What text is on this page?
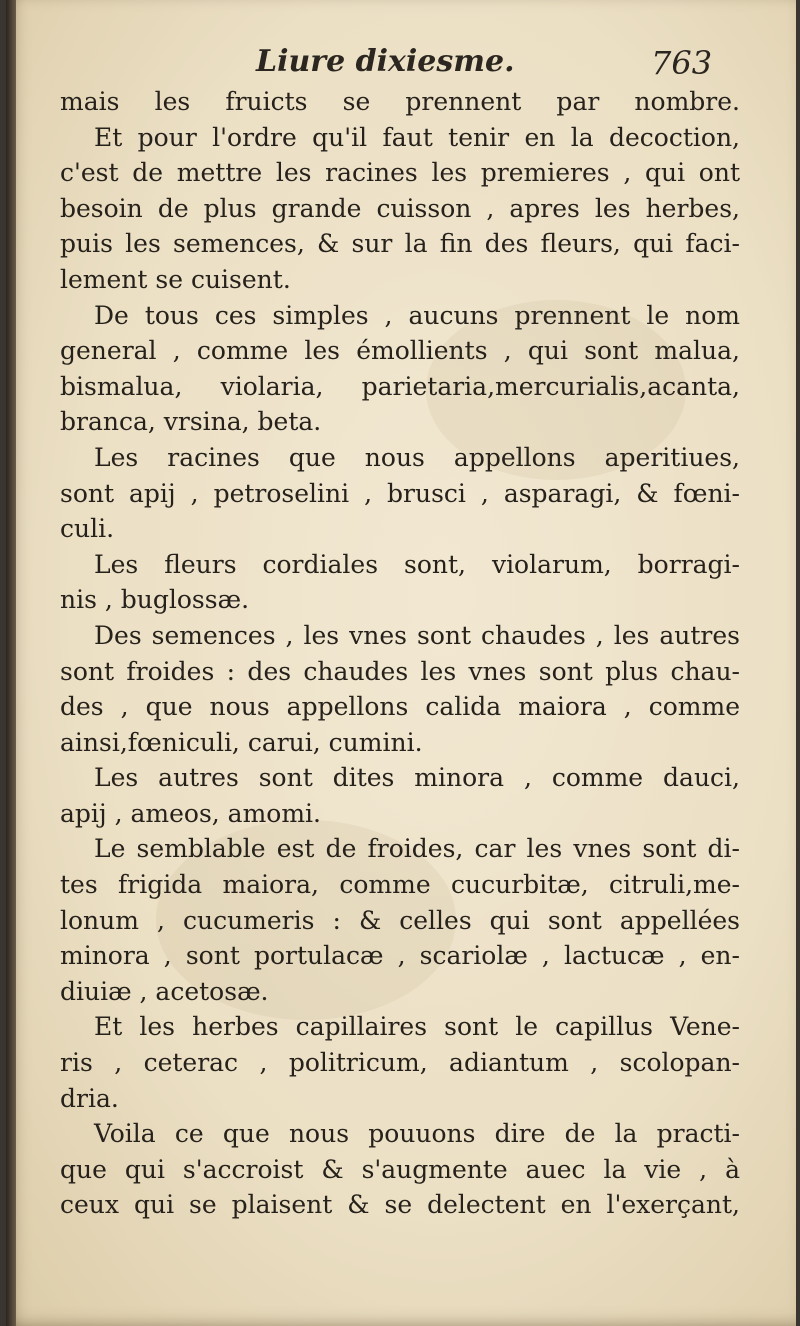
Liure dixiesme.	763
mais les fruicts se prennent par nombre.
Et pour l'ordre qu'il faut tenir en la decoction,
c'est de mettre les racines les premieres , qui ont
besoin de plus grande cuisson , apres les herbes,
puis les semences, & sur la fin des fleurs, qui faci-
lement se cuisent.
De tous ces simples , aucuns prennent le nom
general , comme les émollients , qui sont malua,
bismalua, violaria, parietaria,mercurialis,acanta,
branca, vrsina, beta.
Les racines que nous appellons aperitiues,
sont apij , petroselini , brusci , asparagi, & fœni-
culi.
Les fleurs cordiales sont, violarum, borragi-
nis , buglossæ.
Des semences , les vnes sont chaudes , les autres
sont froides : des chaudes les vnes sont plus chau-
des , que nous appellons calida maiora , comme
ainsi,fœniculi, carui, cumini.
Les autres sont dites minora , comme dauci,
apij , ameos, amomi.
Le semblable est de froides, car les vnes sont di-
tes frigida maiora, comme cucurbitæ, citruli,me-
lonum , cucumeris : & celles qui sont appellées
minora , sont portulacæ , scariolæ , lactucæ , en-
diuiæ , acetosæ.
Et les herbes capillaires sont le capillus Vene-
ris , ceterac , politricum, adiantum , scolopan-
dria.
Voila ce que nous pouuons dire de la practi-
que qui s'accroist & s'augmente auec la vie , à
ceux qui se plaisent & se delectent en l'exerçant,
